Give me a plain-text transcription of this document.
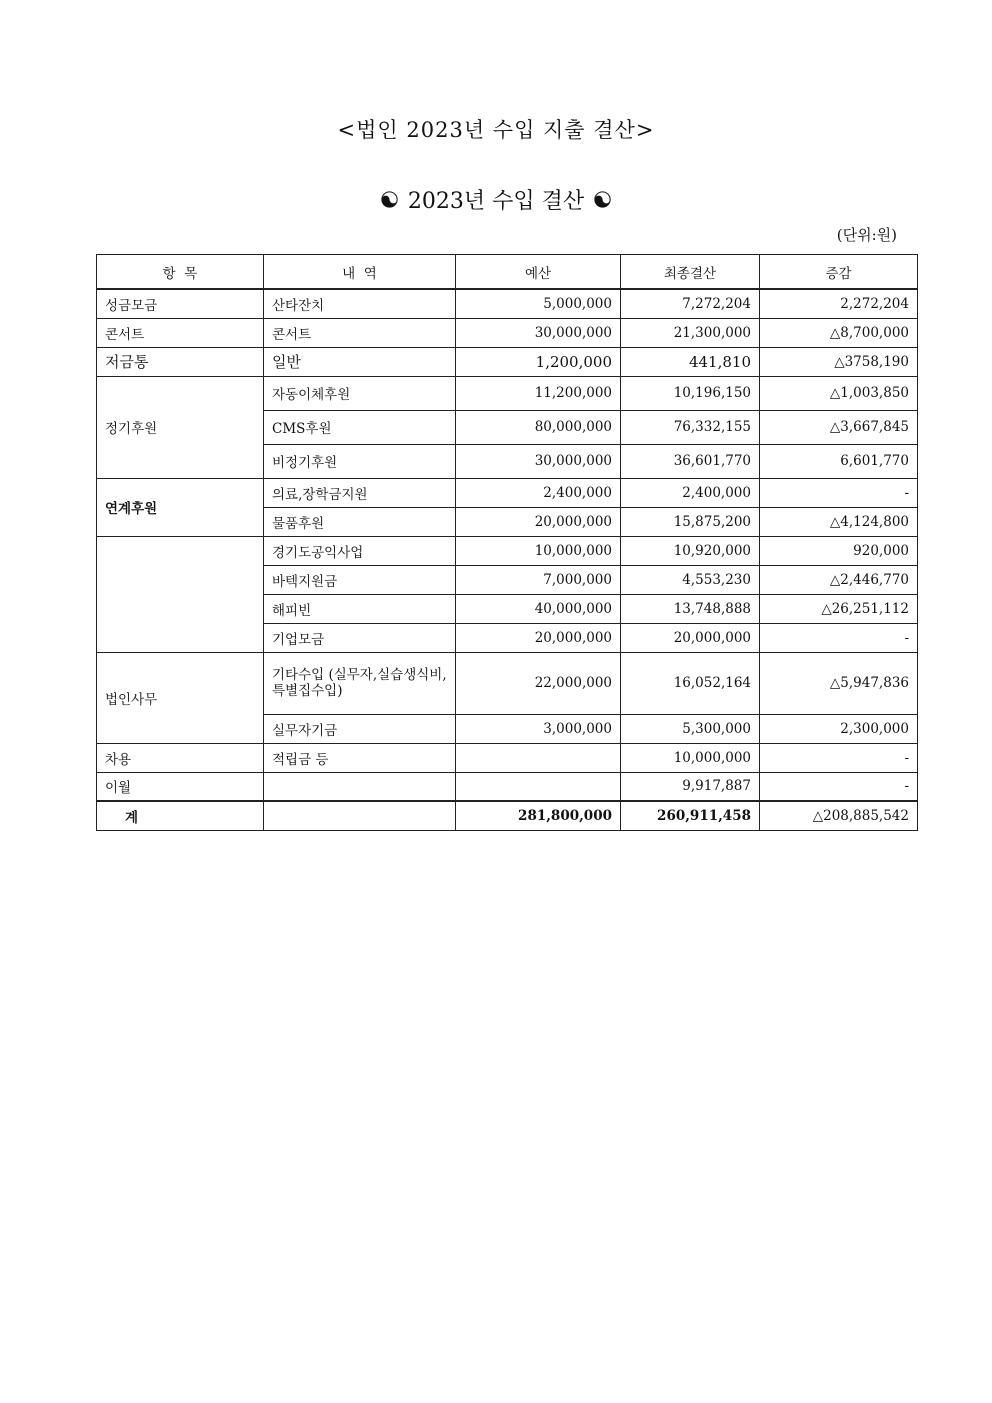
<법인 2023년 수입 지출 결산>
2023년 수입 결산
(단위:원)
항  목	내  역	예산	최종결산	증감
성금모금	산타잔치	5,000,000	7,272,204	2,272,204
콘서트	콘서트	30,000,000	21,300,000	△8,700,000
저금통	일반	1,200,000	441,810	△3758,190
정기후원	자동이체후원	11,200,000	10,196,150	△1,003,850
	CMS후원	80,000,000	76,332,155	△3,667,845
	비정기후원	30,000,000	36,601,770	6,601,770
연계후원	의료,장학금지원	2,400,000	2,400,000	-
	물품후원	20,000,000	15,875,200	△4,124,800
	경기도공익사업	10,000,000	10,920,000	920,000
	바텍지원금	7,000,000	4,553,230	△2,446,770
	해피빈	40,000,000	13,748,888	△26,251,112
	기업모금	20,000,000	20,000,000	-
법인사무	기타수입 (실무자,실습생식비,특별집수입)	22,000,000	16,052,164	△5,947,836
	실무자기금	3,000,000	5,300,000	2,300,000
차용	적립금 등		10,000,000	-
이월			9,917,887	-
계		281,800,000	260,911,458	△208,885,542
